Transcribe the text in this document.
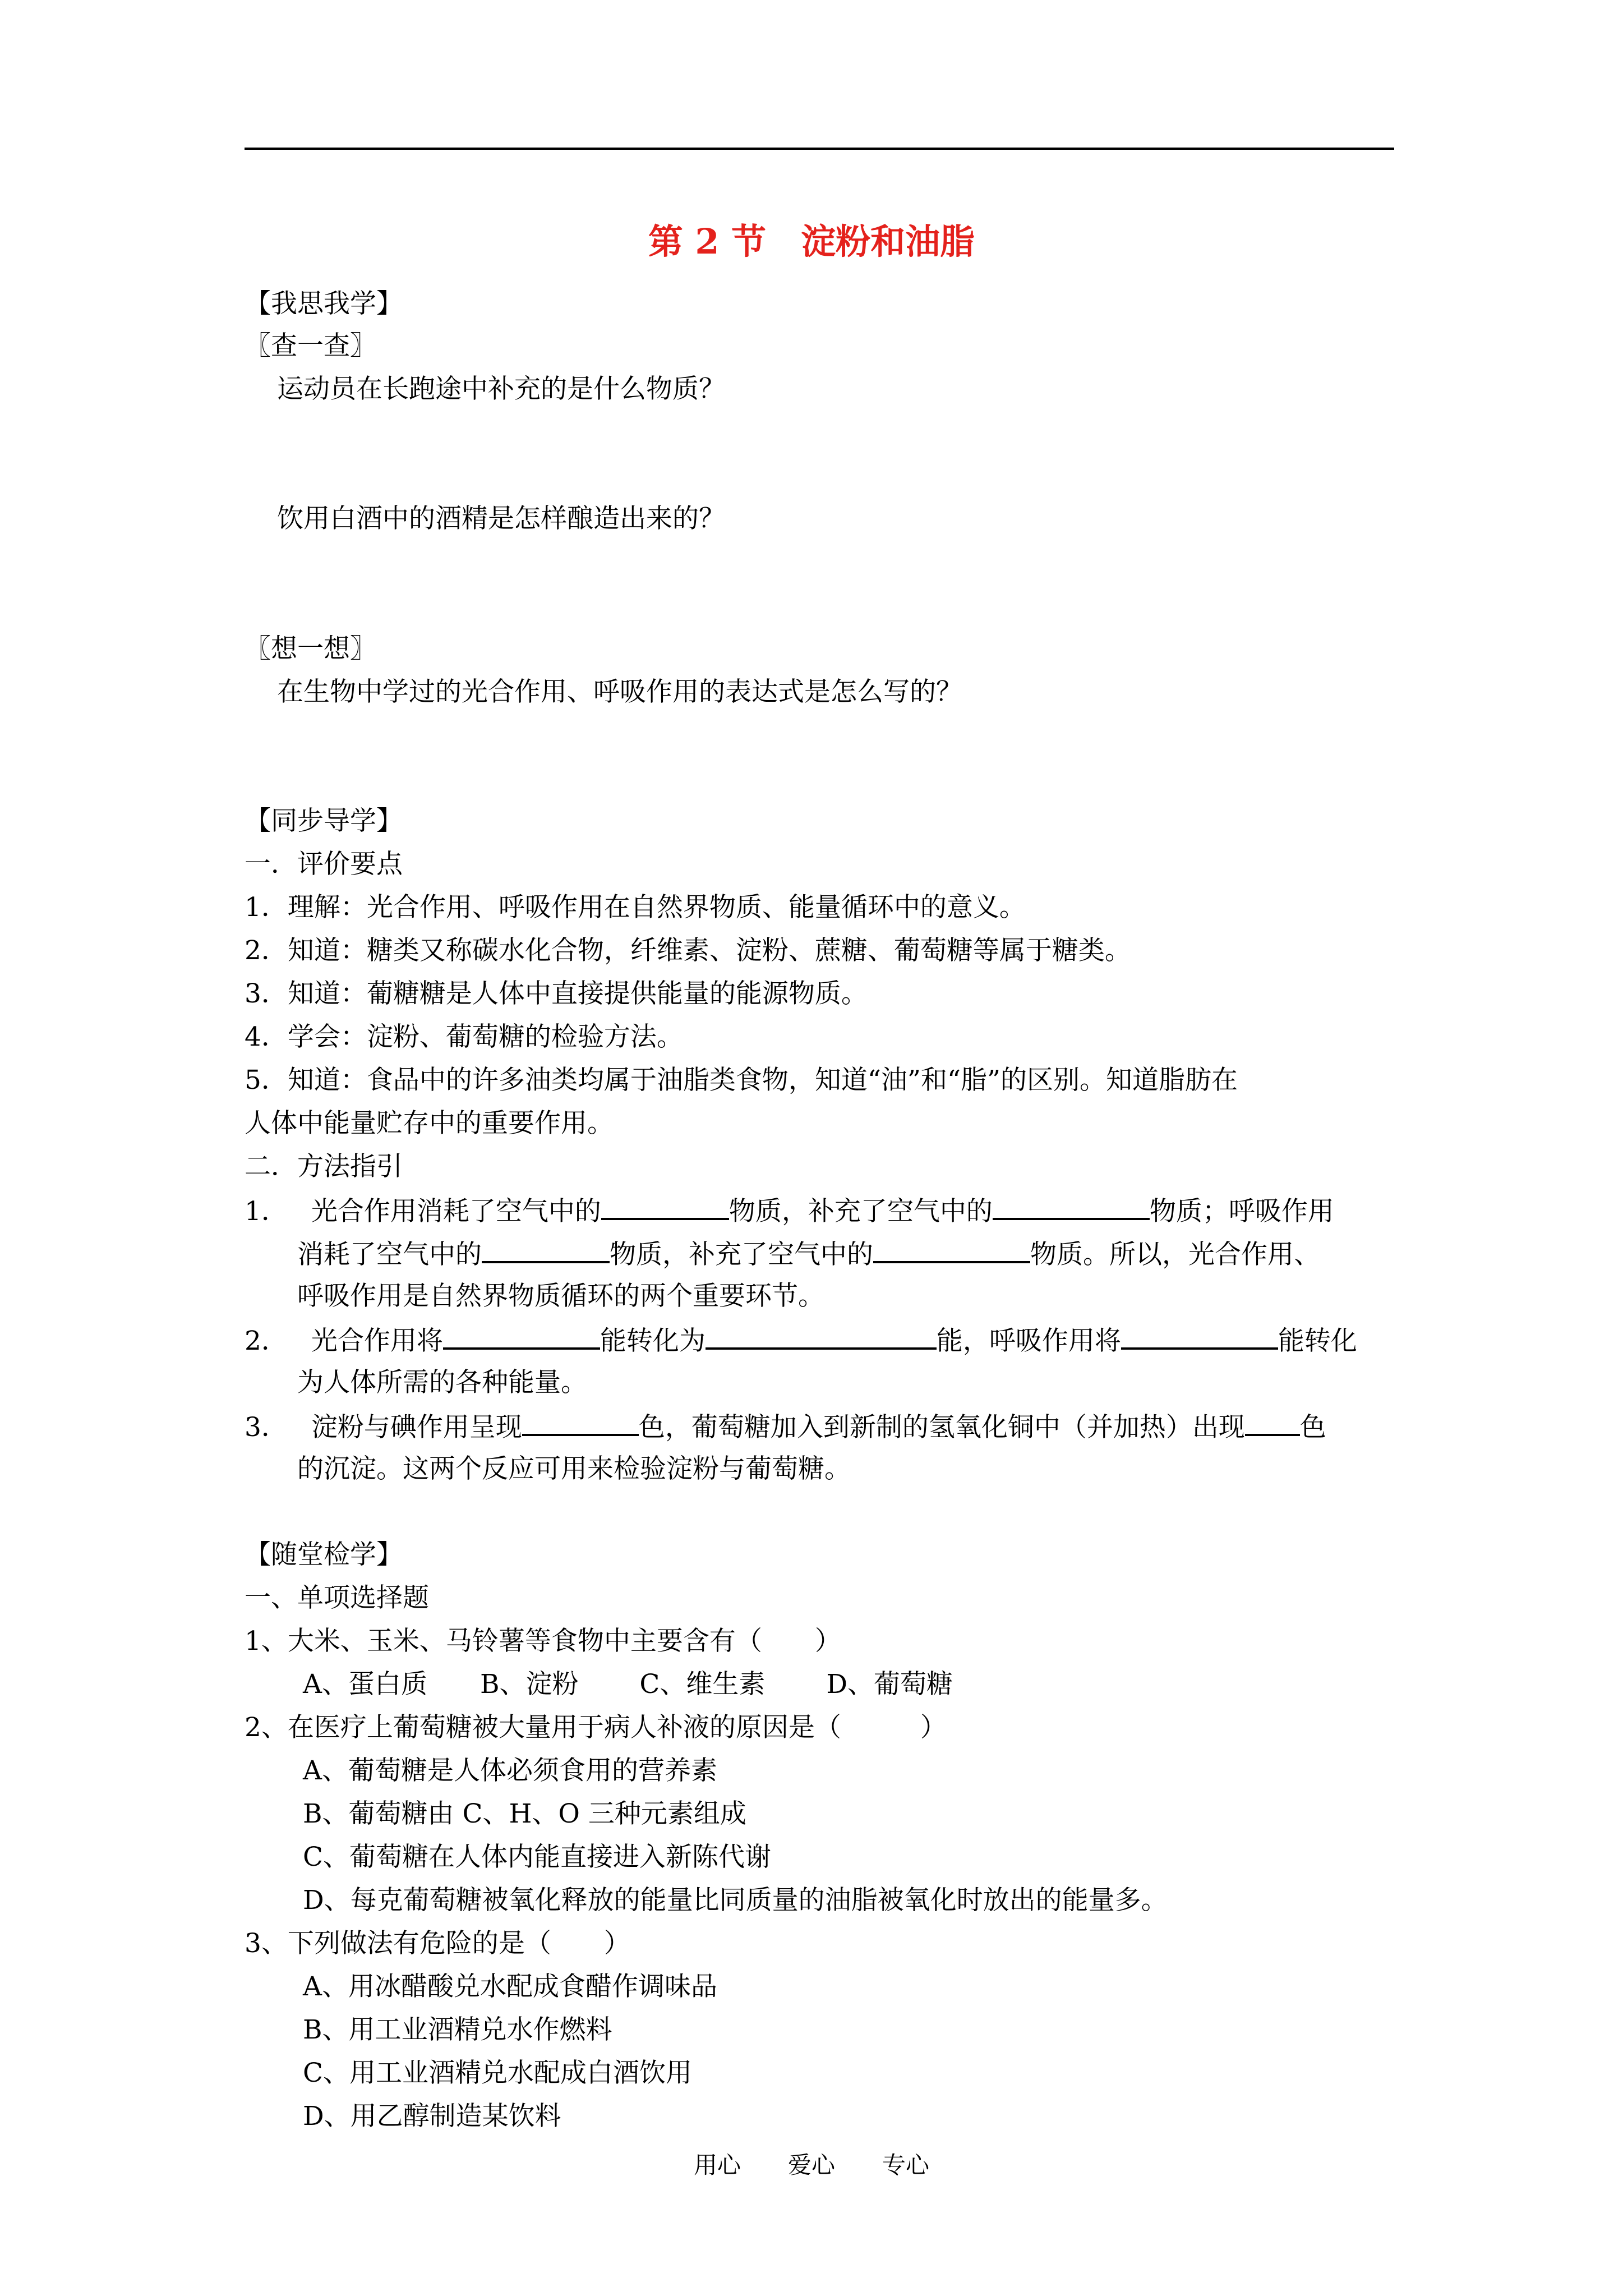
第 2 节　淀粉和油脂
【我思我学】
〖查一查〗
运动员在长跑途中补充的是什么物质？
饮用白酒中的酒精是怎样酿造出来的？
〖想一想〗
在生物中学过的光合作用、呼吸作用的表达式是怎么写的？
【同步导学】
一．评价要点
1．理解：光合作用、呼吸作用在自然界物质、能量循环中的意义。
2．知道：糖类又称碳水化合物，纤维素、淀粉、蔗糖、葡萄糖等属于糖类。
3．知道：葡糖糖是人体中直接提供能量的能源物质。
4．学会：淀粉、葡萄糖的检验方法。
5．知道：食品中的许多油类均属于油脂类食物，知道“油”和“脂”的区别。知道脂肪在
人体中能量贮存中的重要作用。
二．方法指引
1． 光合作用消耗了空气中的	物质，补充了空气中的	物质；呼吸作用
消耗了空气中的	物质，补充了空气中的	物质。所以，光合作用、
呼吸作用是自然界物质循环的两个重要环节。
2． 光合作用将	能转化为	能，呼吸作用将	能转化
为人体所需的各种能量。
3． 淀粉与碘作用呈现	色，葡萄糖加入到新制的氢氧化铜中（并加热）出现 色
的沉淀。这两个反应可用来检验淀粉与葡萄糖。
【随堂检学】
一、单项选择题
1、大米、玉米、马铃薯等食物中主要含有（　　）
A、蛋白质　　B、淀粉　　 C、维生素　　 D、葡萄糖
2、在医疗上葡萄糖被大量用于病人补液的原因是（　　　）
A、葡萄糖是人体必须食用的营养素
B、葡萄糖由 C、H、O 三种元素组成
C、葡萄糖在人体内能直接进入新陈代谢
D、每克葡萄糖被氧化释放的能量比同质量的油脂被氧化时放出的能量多。
3、下列做法有危险的是（　　）
A、用冰醋酸兑水配成食醋作调味品
B、用工业酒精兑水作燃料
C、用工业酒精兑水配成白酒饮用
D、用乙醇制造某饮料
用心　　爱心　　专心
